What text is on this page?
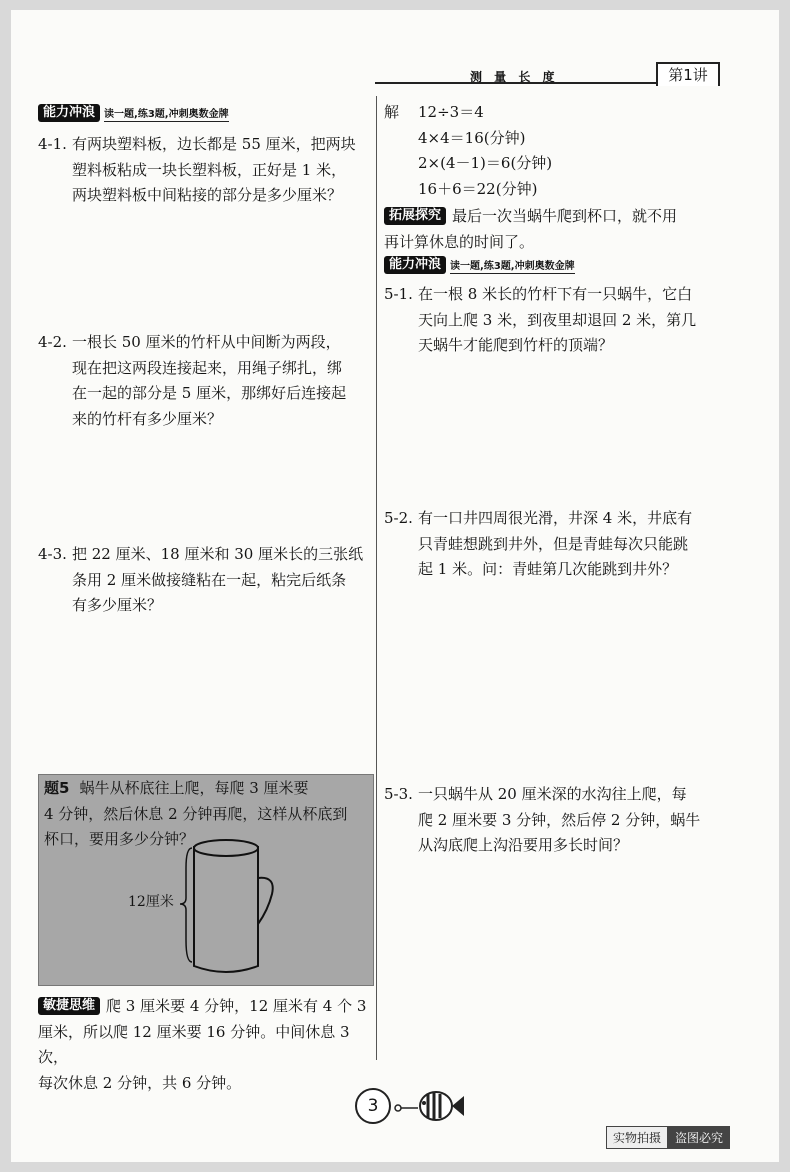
测 量 长 度	第1讲
能力冲浪 读一题,练3题,冲刺奥数金牌
4-1. 有两块塑料板，边长都是 55 厘米，把两块
塑料板粘成一块长塑料板，正好是 1 米，
两块塑料板中间粘接的部分是多少厘米？
4-2. 一根长 50 厘米的竹杆从中间断为两段，
现在把这两段连接起来，用绳子绑扎，绑
在一起的部分是 5 厘米，那绑好后连接起
来的竹杆有多少厘米？
4-3. 把 22 厘米、18 厘米和 30 厘米长的三张纸
条用 2 厘米做接缝粘在一起，粘完后纸条
有多少厘米？
题5 蜗牛从杯底往上爬，每爬 3 厘米要
4 分钟，然后休息 2 分钟再爬，这样从杯底到
杯口，要用多少分钟？
12厘米
敏捷思维 爬 3 厘米要 4 分钟，12 厘米有 4 个 3
厘米，所以爬 12 厘米要 16 分钟。中间休息 3 次，
每次休息 2 分钟，共 6 分钟。
解 12÷3＝4
4×4＝16(分钟)
2×(4－1)＝6(分钟)
16＋6＝22(分钟)
拓展探究 最后一次当蜗牛爬到杯口，就不用
再计算休息的时间了。
能力冲浪 读一题,练3题,冲刺奥数金牌
5-1. 在一根 8 米长的竹杆下有一只蜗牛，它白
天向上爬 3 米，到夜里却退回 2 米，第几
天蜗牛才能爬到竹杆的顶端？
5-2. 有一口井四周很光滑，井深 4 米，井底有
只青蛙想跳到井外，但是青蛙每次只能跳
起 1 米。问：青蛙第几次能跳到井外？
5-3. 一只蜗牛从 20 厘米深的水沟往上爬，每
爬 2 厘米要 3 分钟，然后停 2 分钟，蜗牛
从沟底爬上沟沿要用多长时间？
3
实物拍摄	盗图必究
